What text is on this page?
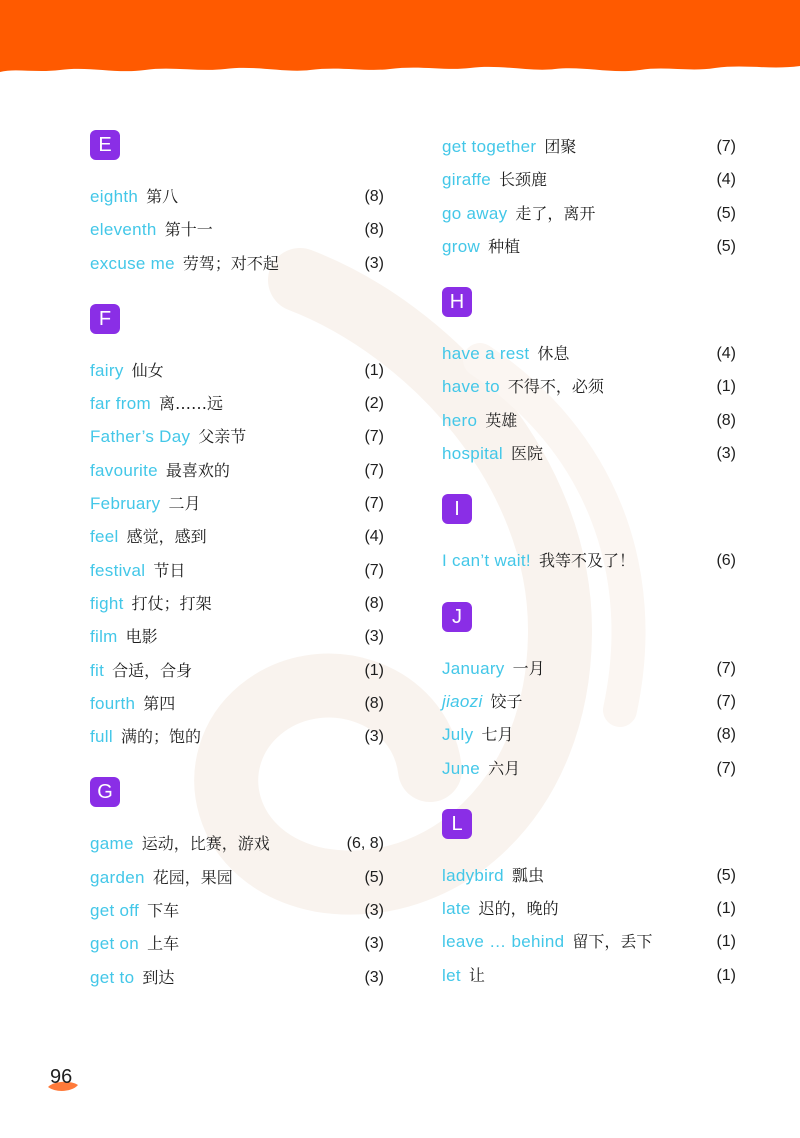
E
eighth 第八	(8)
eleventh 第十一	(8)
excuse me 劳驾；对不起	(3)
F
fairy 仙女	(1)
far from 离……远	(2)
Father’s Day 父亲节	(7)
favourite 最喜欢的	(7)
February 二月	(7)
feel 感觉，感到	(4)
festival 节日	(7)
fight 打仗；打架	(8)
film 电影	(3)
fit 合适，合身	(1)
fourth 第四	(8)
full 满的；饱的	(3)
G
game 运动，比赛，游戏	(6, 8)
garden 花园，果园	(5)
get off 下车	(3)
get on 上车	(3)
get to 到达	(3)
get together 团聚	(7)
giraffe 长颈鹿	(4)
go away 走了，离开	(5)
grow 种植	(5)
H
have a rest 休息	(4)
have to 不得不，必须	(1)
hero 英雄	(8)
hospital 医院	(3)
I
I can’t wait! 我等不及了！	(6)
J
January 一月	(7)
jiaozi 饺子	(7)
July 七月	(8)
June 六月	(7)
L
ladybird 瓢虫	(5)
late 迟的，晚的	(1)
leave … behind 留下，丢下	(1)
let 让	(1)
96
